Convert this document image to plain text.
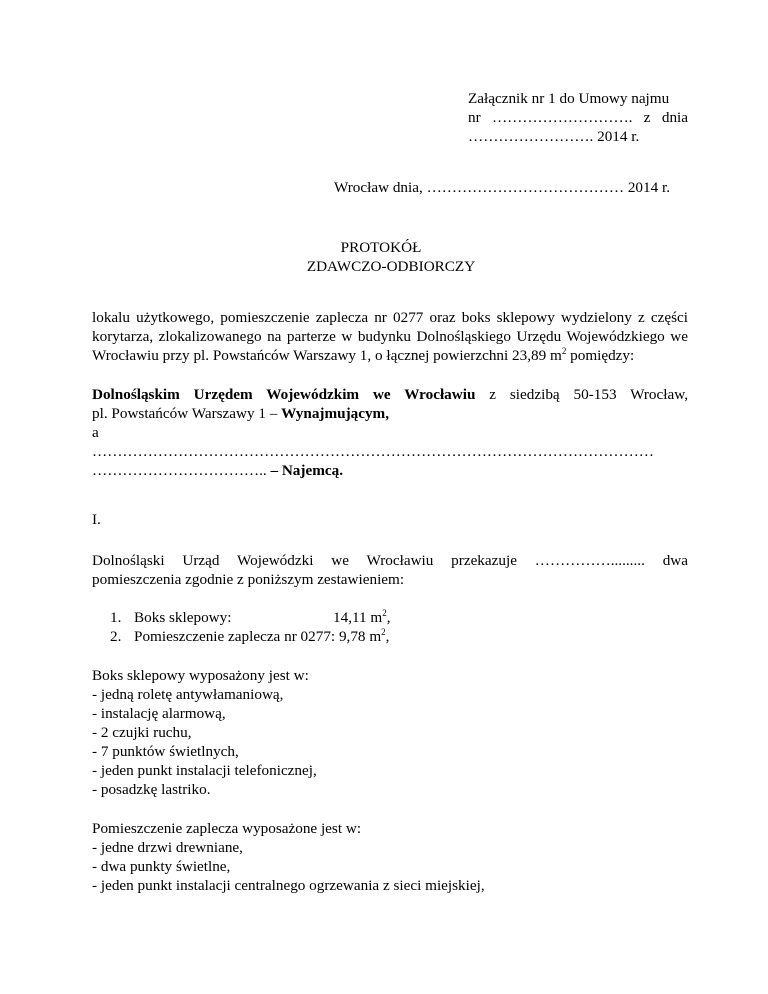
Załącznik nr 1 do Umowy najmu
nr ………………………. z dnia
……………………. 2014 r.
Wrocław dnia, ………………………………… 2014 r.
PROTOKÓŁ
ZDAWCZO-ODBIORCZY

lokalu użytkowego, pomieszczenie zaplecza nr 0277 oraz boks sklepowy wydzielony z części korytarza, zlokalizowanego na parterze w budynku Dolnośląskiego Urzędu Wojewódzkiego we Wrocławiu przy pl. Powstańców Warszawy 1, o łącznej powierzchni 23,89 $m^2$ pomiędzy:

Dolnośląskim Urzędem Wojewódzkim we Wrocławiu z siedzibą 50-153 Wrocław,
pl. Powstańców Warszawy 1 – Wynajmującym,
a
…………………………………………………………………………………………………
…………………………….. – Najemcą.
I.
Dolnośląski Urząd Wojewódzki we Wrocławiu przekazuje ……………......... dwa
pomieszczenia zgodnie z poniższym zestawieniem:
1. Boks sklepowy:	14,11 $m^2$,
2. Pomieszczenie zaplecza nr 0277: 9,78 $m^2$,
Boks sklepowy wyposażony jest w:
- jedną roletę antywłamaniową,
- instalację alarmową,
- 2 czujki ruchu,
- 7 punktów świetlnych,
- jeden punkt instalacji telefonicznej,
- posadzkę lastriko.
Pomieszczenie zaplecza wyposażone jest w:
- jedne drzwi drewniane,
- dwa punkty świetlne,
- jeden punkt instalacji centralnego ogrzewania z sieci miejskiej,
